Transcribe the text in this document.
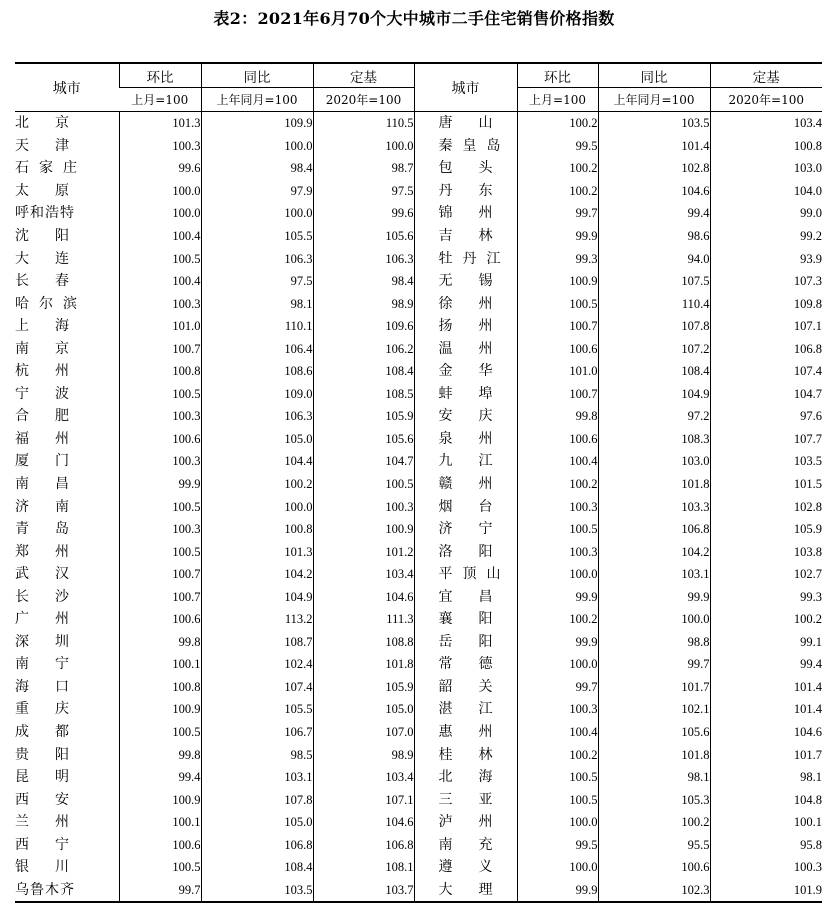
表2：2021年6月70个大中城市二手住宅销售价格指数
城市	环比	同比	定基	城市	环比	同比	定基
	上月=100	上年同月=100	2020年=100		上月=100	上年同月=100	2020年=100

北 京	101.3	109.9	110.5	唐 山	100.2	103.5	103.4

天 津	100.3	100.0	100.0	秦 皇 岛	99.5	101.4	100.8

石 家 庄	99.6	98.4	98.7	包 头	100.2	102.8	103.0

太 原	100.0	97.9	97.5	丹 东	100.2	104.6	104.0

呼和浩特	100.0	100.0	99.6	锦 州	99.7	99.4	99.0

沈 阳	100.4	105.5	105.6	吉 林	99.9	98.6	99.2

大 连	100.5	106.3	106.3	牡 丹 江	99.3	94.0	93.9

长 春	100.4	97.5	98.4	无 锡	100.9	107.5	107.3

哈 尔 滨	100.3	98.1	98.9	徐 州	100.5	110.4	109.8

上 海	101.0	110.1	109.6	扬 州	100.7	107.8	107.1

南 京	100.7	106.4	106.2	温 州	100.6	107.2	106.8

杭 州	100.8	108.6	108.4	金 华	101.0	108.4	107.4

宁 波	100.5	109.0	108.5	蚌 埠	100.7	104.9	104.7

合 肥	100.3	106.3	105.9	安 庆	99.8	97.2	97.6

福 州	100.6	105.0	105.6	泉 州	100.6	108.3	107.7

厦 门	100.3	104.4	104.7	九 江	100.4	103.0	103.5

南 昌	99.9	100.2	100.5	赣 州	100.2	101.8	101.5

济 南	100.5	100.0	100.3	烟 台	100.3	103.3	102.8

青 岛	100.3	100.8	100.9	济 宁	100.5	106.8	105.9

郑 州	100.5	101.3	101.2	洛 阳	100.3	104.2	103.8

武 汉	100.7	104.2	103.4	平 顶 山	100.0	103.1	102.7

长 沙	100.7	104.9	104.6	宜 昌	99.9	99.9	99.3

广 州	100.6	113.2	111.3	襄 阳	100.2	100.0	100.2

深 圳	99.8	108.7	108.8	岳 阳	99.9	98.8	99.1

南 宁	100.1	102.4	101.8	常 德	100.0	99.7	99.4

海 口	100.8	107.4	105.9	韶 关	99.7	101.7	101.4

重 庆	100.9	105.5	105.0	湛 江	100.3	102.1	101.4

成 都	100.5	106.7	107.0	惠 州	100.4	105.6	104.6

贵 阳	99.8	98.5	98.9	桂 林	100.2	101.8	101.7

昆 明	99.4	103.1	103.4	北 海	100.5	98.1	98.1

西 安	100.9	107.8	107.1	三 亚	100.5	105.3	104.8

兰 州	100.1	105.0	104.6	泸 州	100.0	100.2	100.1

西 宁	100.6	106.8	106.8	南 充	99.5	95.5	95.8

银 川	100.5	108.4	108.1	遵 义	100.0	100.6	100.3

乌鲁木齐	99.7	103.5	103.7	大 理	99.9	102.3	101.9
